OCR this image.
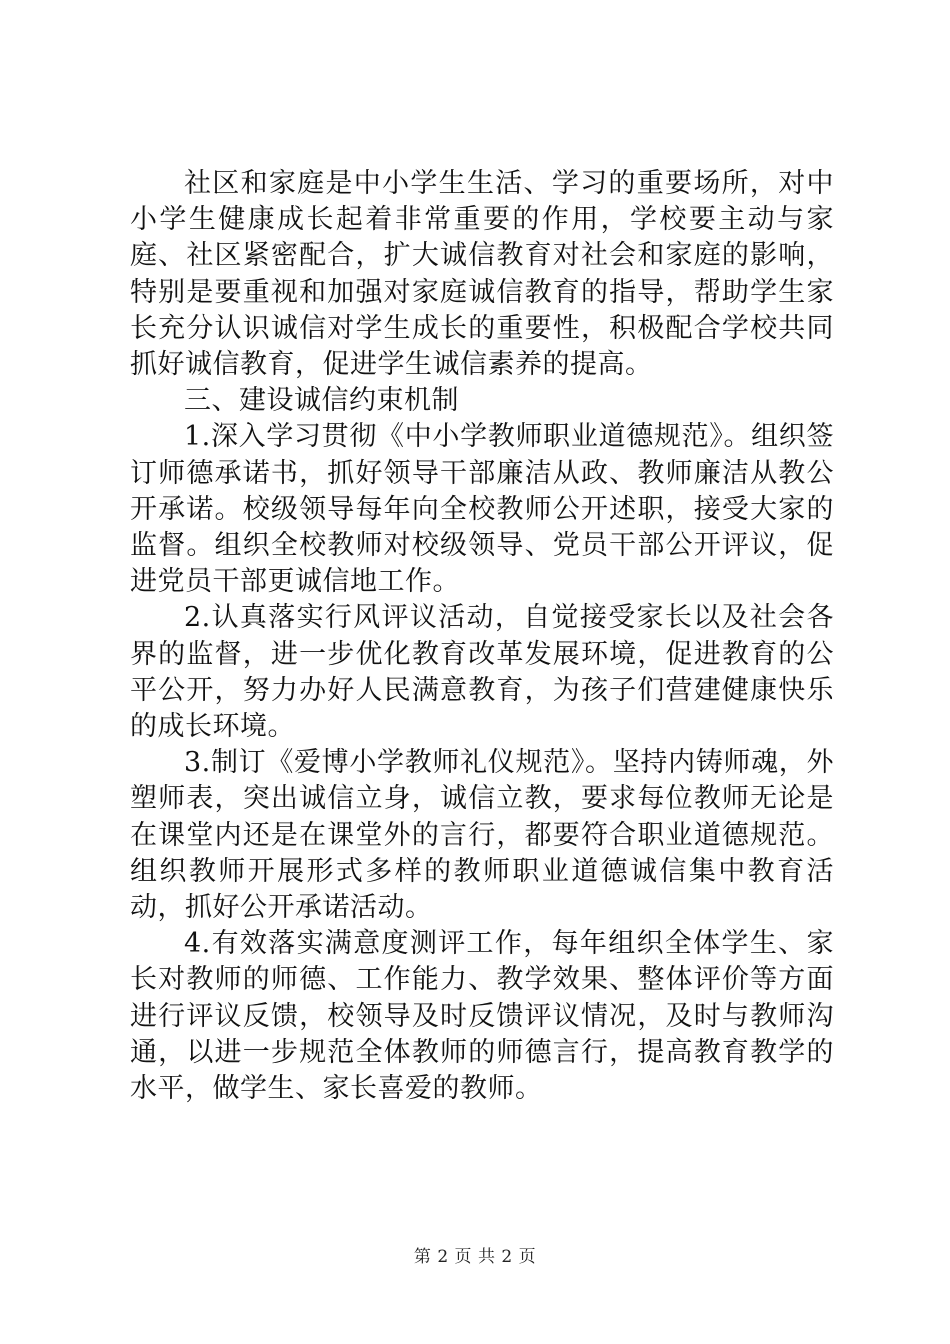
社区和家庭是中小学生生活、学习的重要场所，对中小学生健康成长起着非常重要的作用，学校要主动与家庭、社区紧密配合，扩大诚信教育对社会和家庭的影响，特别是要重视和加强对家庭诚信教育的指导，帮助学生家长充分认识诚信对学生成长的重要性，积极配合学校共同抓好诚信教育，促进学生诚信素养的提高。

三、建设诚信约束机制

1.深入学习贯彻《中小学教师职业道德规范》。组织签订师德承诺书，抓好领导干部廉洁从政、教师廉洁从教公开承诺。校级领导每年向全校教师公开述职，接受大家的监督。组织全校教师对校级领导、党员干部公开评议，促进党员干部更诚信地工作。

2.认真落实行风评议活动，自觉接受家长以及社会各界的监督，进一步优化教育改革发展环境，促进教育的公平公开，努力办好人民满意教育，为孩子们营建健康快乐的成长环境。

3.制订《爱博小学教师礼仪规范》。坚持内铸师魂，外塑师表，突出诚信立身，诚信立教，要求每位教师无论是在课堂内还是在课堂外的言行，都要符合职业道德规范。组织教师开展形式多样的教师职业道德诚信集中教育活动，抓好公开承诺活动。

4.有效落实满意度测评工作，每年组织全体学生、家长对教师的师德、工作能力、教学效果、整体评价等方面进行评议反馈，校领导及时反馈评议情况，及时与教师沟通，以进一步规范全体教师的师德言行，提高教育教学的水平，做学生、家长喜爱的教师。

第 2 页 共 2 页
